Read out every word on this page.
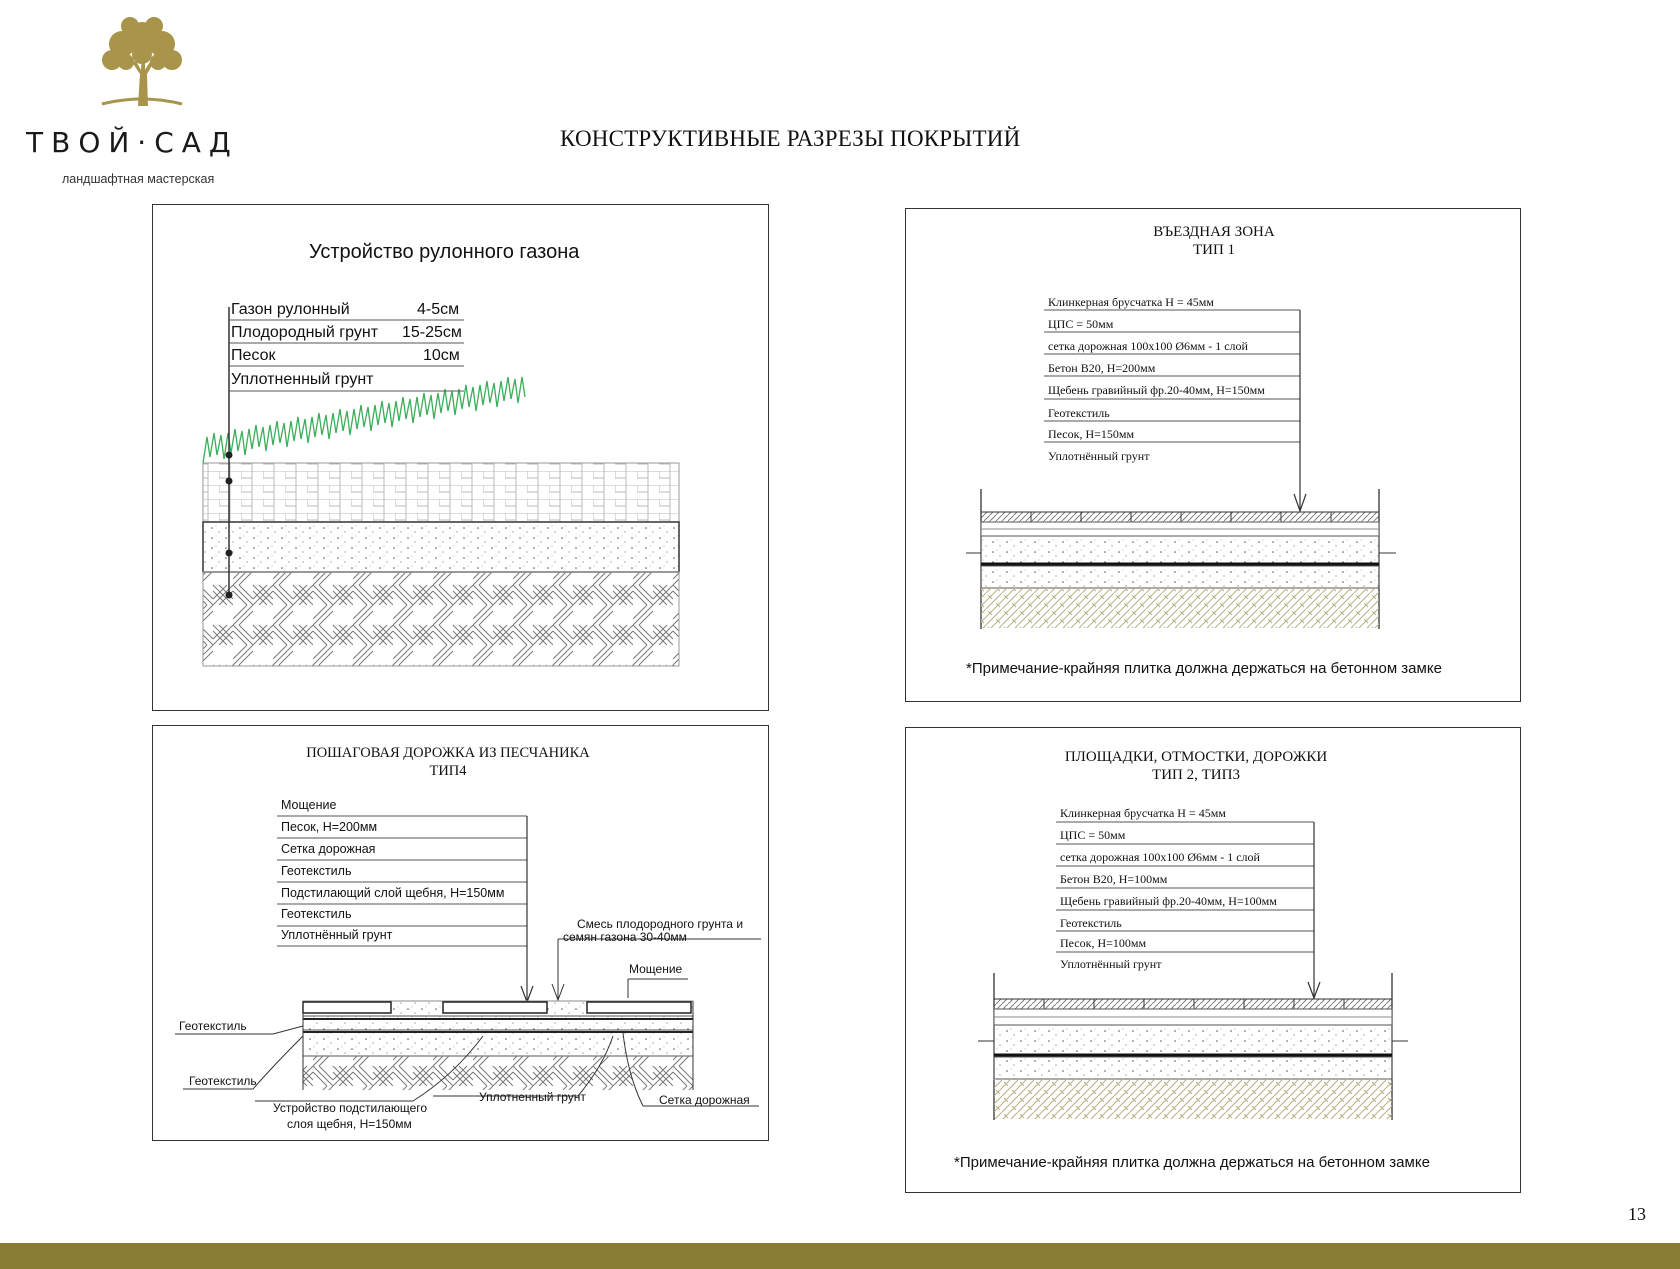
ТВОЙ·САД
ландшафтная мастерская
КОНСТРУКТИВНЫЕ РАЗРЕЗЫ ПОКРЫТИЙ
Устройство рулонного газона
Газон рулонный	4-5см
Плодородный грунт 15-25см
Песок	10см
Уплотненный грунт
ВЪЕЗДНАЯ ЗОНА
ТИП 1
Клинкерная брусчатка H = 45мм
ЦПС = 50мм
сетка дорожная 100х100 Ø6мм - 1 слой
Бетон B20, H=200мм
Щебень гравийный фр.20-40мм, H=150мм
Геотекстиль
Песок, H=150мм
Уплотнённый грунт
*Примечание-крайняя плитка должна держаться на бетонном замке
ПОШАГОВАЯ ДОРОЖКА ИЗ ПЕСЧАНИКА
ТИП4
Мощение
Песок, H=200мм
Сетка дорожная
Геотекстиль
Подстилающий слой щебня, H=150мм
Геотекстиль
Уплотнённый грунт
Смесь плодородного грунта и
семян газона 30-40мм
Мощение
Геотекстиль
Геотекстиль
Устройство подстилающего
слоя щебня, H=150мм
Уплотненный грунт	Сетка дорожная
ПЛОЩАДКИ, ОТМОСТКИ, ДОРОЖКИ
ТИП 2, ТИП3
Клинкерная брусчатка H = 45мм
ЦПС = 50мм
сетка дорожная 100х100 Ø6мм - 1 слой
Бетон B20, H=100мм
Щебень гравийный фр.20-40мм, H=100мм
Геотекстиль
Песок, H=100мм
Уплотнённый грунт
*Примечание-крайняя плитка должна держаться на бетонном замке
13
